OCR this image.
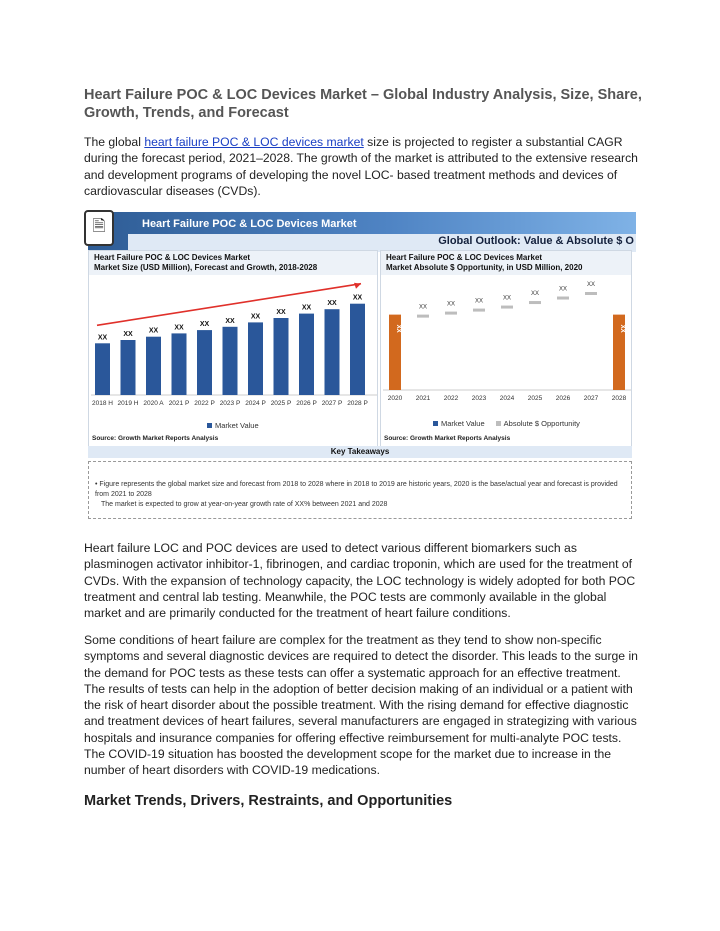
Heart Failure POC & LOC Devices Market – Global Industry Analysis, Size, Share, Growth, Trends, and Forecast

The global heart failure POC & LOC devices market size is projected to register a substantial CAGR during the forecast period, 2021–2028. The growth of the market is attributed to the extensive research and development programs of developing the novel LOC- based treatment methods and devices of cardiovascular diseases (CVDs).

Heart Failure POC & LOC Devices Market
Global Outlook: Value & Absolute $ O
🗎
Heart Failure POC & LOC Devices Market
Market Size (USD Million), Forecast and Growth, 2018-2028
XX
2018 H
XX
2019 H
XX
2020 A
XX
2021 P
XX
2022 P
XX
2023 P
XX
2024 P
XX
2025 P
XX
2026 P
XX
2027 P
XX
2028 P
Market Value
Source: Growth Market Reports Analysis
Heart Failure POC & LOC Devices Market
Market Absolute $ Opportunity, in USD Million, 2020
XX
2020
XX
2021
XX
2022
XX
2023
XX
2024
XX
2025
XX
2026
XX
2027
XX
2028
Market Value	Absolute $ Opportunity
Source: Growth Market Reports Analysis
Key Takeaways
• Figure represents the global market size and forecast from 2018 to 2028 where in 2018 to 2019 are historic years, 2020 is the base/actual year and forecast is provided from 2021 to 2028
The market is expected to grow at year-on-year growth rate of XX% between 2021 and 2028

Heart failure LOC and POC devices are used to detect various different biomarkers such as plasminogen activator inhibitor-1, fibrinogen, and cardiac troponin, which are used for the treatment of CVDs. With the expansion of technology capacity, the LOC technology is widely adopted for both POC treatment and central lab testing. Meanwhile, the POC tests are commonly available in the global market and are primarily conducted for the treatment of heart failure conditions.

Some conditions of heart failure are complex for the treatment as they tend to show non-specific symptoms and several diagnostic devices are required to detect the disorder. This leads to the surge in the demand for POC tests as these tests can offer a systematic approach for an effective treatment. The results of tests can help in the adoption of better decision making of an individual or a patient with the risk of heart disorder about the possible treatment. With the rising demand for effective diagnostic and treatment devices of heart failures, several manufacturers are engaged in strategizing with various hospitals and insurance companies for offering effective reimbursement for multi-analyte POC tests. The COVID-19 situation has boosted the development scope for the market due to increase in the number of heart disorders with COVID-19 medications.

Market Trends, Drivers, Restraints, and Opportunities
